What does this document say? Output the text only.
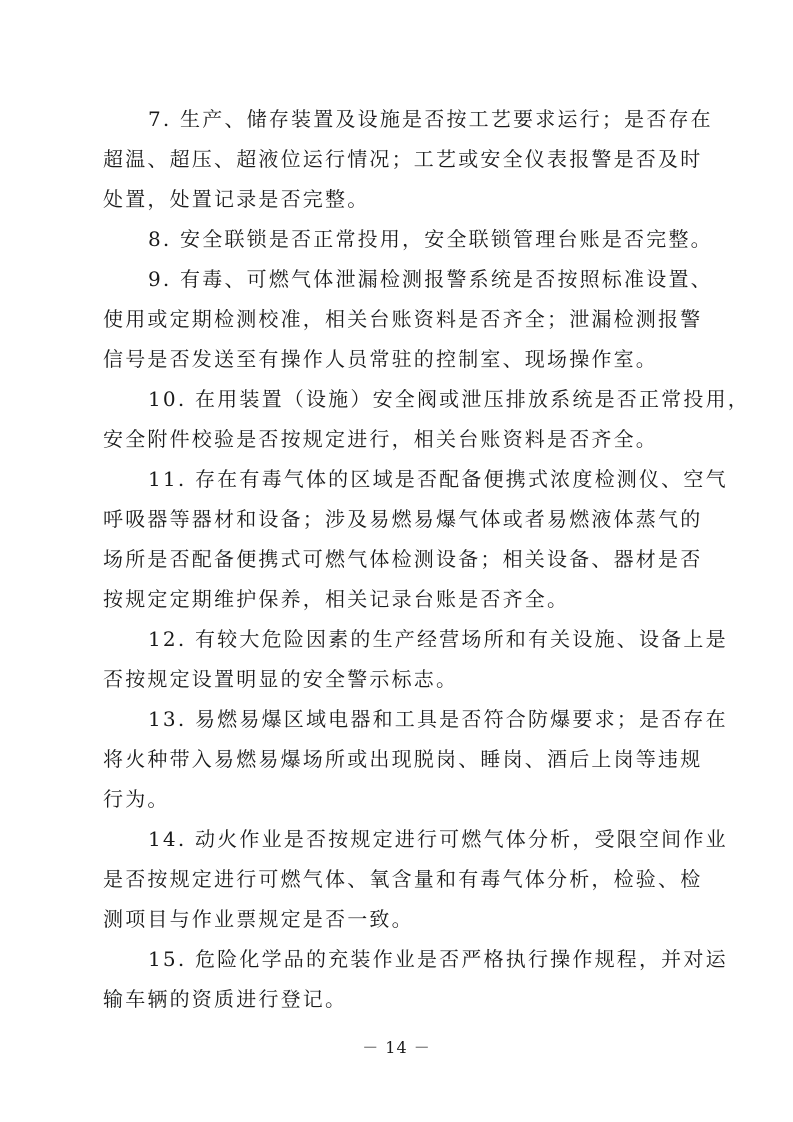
7. 生产、储存装置及设施是否按工艺要求运行；是否存在
超温、超压、超液位运行情况；工艺或安全仪表报警是否及时
处置，处置记录是否完整。
8. 安全联锁是否正常投用，安全联锁管理台账是否完整。
9. 有毒、可燃气体泄漏检测报警系统是否按照标准设置、
使用或定期检测校准，相关台账资料是否齐全；泄漏检测报警
信号是否发送至有操作人员常驻的控制室、现场操作室。
10. 在用装置（设施）安全阀或泄压排放系统是否正常投用，
安全附件校验是否按规定进行，相关台账资料是否齐全。
11. 存在有毒气体的区域是否配备便携式浓度检测仪、空气
呼吸器等器材和设备；涉及易燃易爆气体或者易燃液体蒸气的
场所是否配备便携式可燃气体检测设备；相关设备、器材是否
按规定定期维护保养，相关记录台账是否齐全。
12. 有较大危险因素的生产经营场所和有关设施、设备上是
否按规定设置明显的安全警示标志。
13. 易燃易爆区域电器和工具是否符合防爆要求；是否存在
将火种带入易燃易爆场所或出现脱岗、睡岗、酒后上岗等违规
行为。
14. 动火作业是否按规定进行可燃气体分析，受限空间作业
是否按规定进行可燃气体、氧含量和有毒气体分析，检验、检
测项目与作业票规定是否一致。
15. 危险化学品的充装作业是否严格执行操作规程，并对运
输车辆的资质进行登记。
－ 14 －
